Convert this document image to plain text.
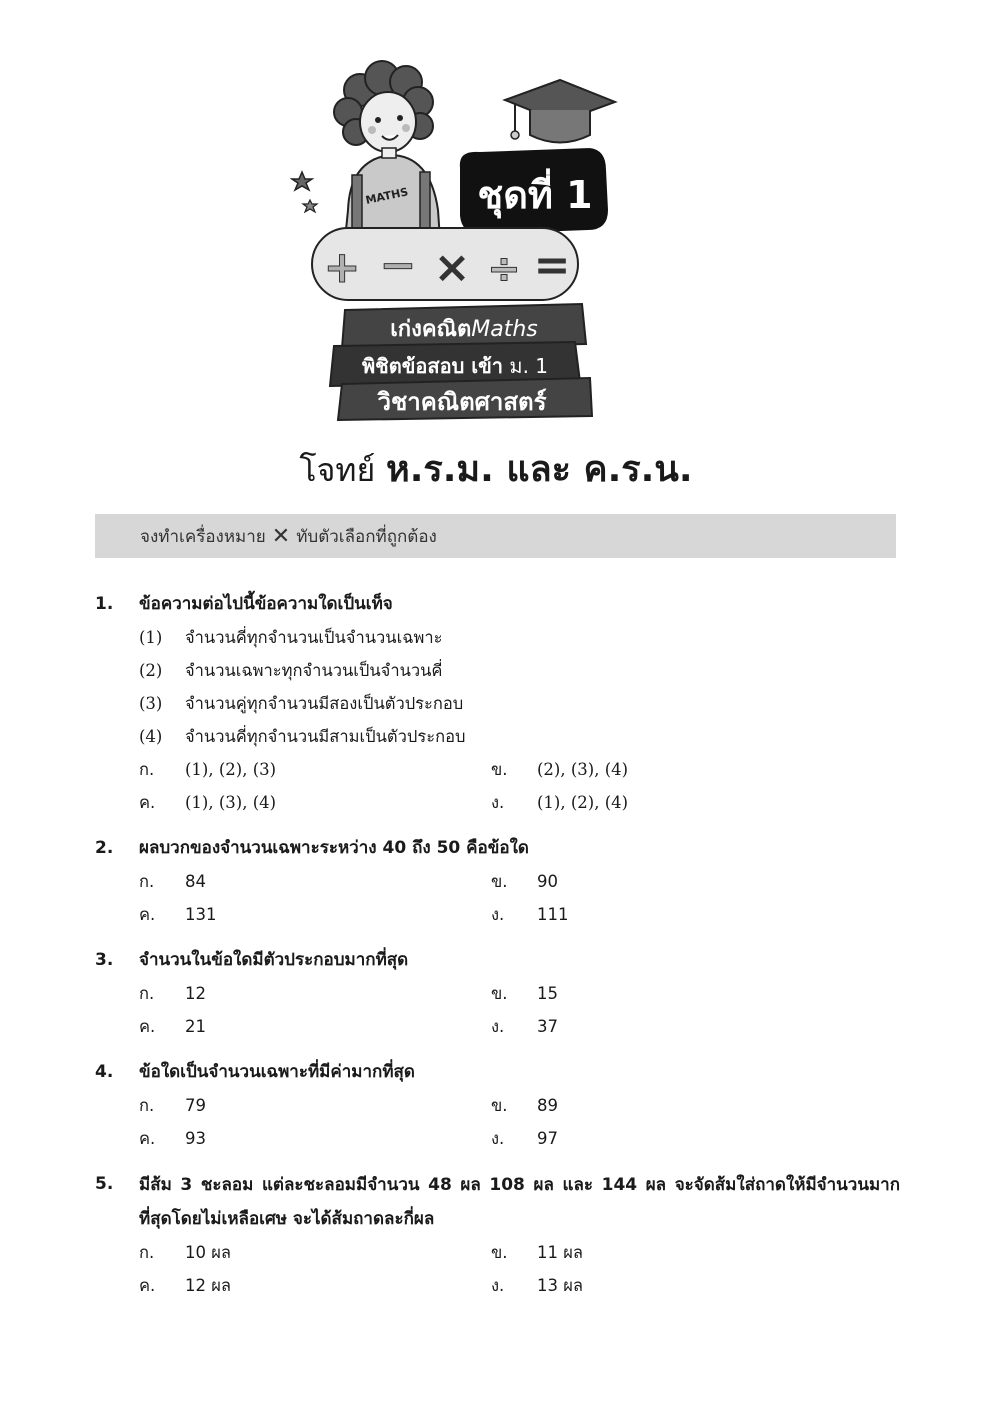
MATHS ชุดที่ 1
+ − × ÷ =
เก่งคณิตMaths
พิชิตข้อสอบ เข้า ม. 1
วิชาคณิตศาสตร์
โจทย์ ห.ร.ม. และ ค.ร.น.
จงทำเครื่องหมาย ✕ ทับตัวเลือกที่ถูกต้อง
1.	ข้อความต่อไปนี้ข้อความใดเป็นเท็จ
(1)	จำนวนคี่ทุกจำนวนเป็นจำนวนเฉพาะ
(2)	จำนวนเฉพาะทุกจำนวนเป็นจำนวนคี่
(3)	จำนวนคู่ทุกจำนวนมีสองเป็นตัวประกอบ
(4)	จำนวนคี่ทุกจำนวนมีสามเป็นตัวประกอบ
ก.	(1), (2), (3)	ข.	(2), (3), (4)
ค.	(1), (3), (4)	ง.	(1), (2), (4)
2.	ผลบวกของจำนวนเฉพาะระหว่าง 40 ถึง 50 คือข้อใด
ก.	84	ข.	90
ค.	131	ง.	111
3.	จำนวนในข้อใดมีตัวประกอบมากที่สุด
ก.	12	ข.	15
ค.	21	ง.	37
4.	ข้อใดเป็นจำนวนเฉพาะที่มีค่ามากที่สุด
ก.	79	ข.	89
ค.	93	ง.	97
5.	มีส้ม 3 ชะลอม แต่ละชะลอมมีจำนวน 48 ผล 108 ผล และ 144 ผล จะจัดส้มใส่ถาดให้มีจำนวนมากที่สุดโดยไม่เหลือเศษ จะได้ส้มถาดละกี่ผล
ก.	10 ผล	ข.	11 ผล
ค.	12 ผล	ง.	13 ผล
